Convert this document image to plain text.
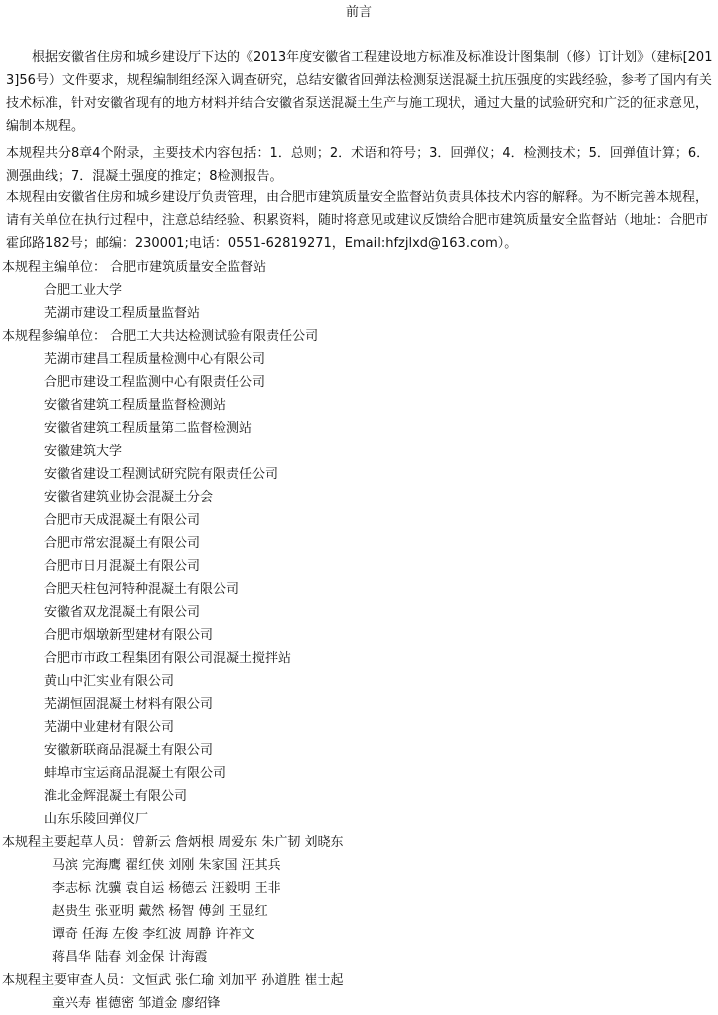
前言

根据安徽省住房和城乡建设厅下达的《2013年度安徽省工程建设地方标准及标准设计图集制（修）订计划》（建标[2013]56号）文件要求，规程编制组经深入调查研究，总结安徽省回弹法检测泵送混凝土抗压强度的实践经验，参考了国内有关技术标准，针对安徽省现有的地方材料并结合安徽省泵送混凝土生产与施工现状，通过大量的试验研究和广泛的征求意见，编制本规程。

本规程共分8章4个附录，主要技术内容包括：1．总则；2．术语和符号；3．回弹仪；4．检测技术；5．回弹值计算；6．测强曲线；7．混凝土强度的推定；8检测报告。

本规程由安徽省住房和城乡建设厅负责管理，由合肥市建筑质量安全监督站负责具体技术内容的解释。为不断完善本规程，请有关单位在执行过程中，注意总结经验、积累资料，随时将意见或建议反馈给合肥市建筑质量安全监督站（地址：合肥市霍邱路182号；邮编：230001;电话：0551-62819271，Email:hfzjlxd@163.com）。

本规程主编单位： 合肥市建筑质量安全监督站
合肥工业大学
芜湖市建设工程质量监督站
本规程参编单位： 合肥工大共达检测试验有限责任公司
芜湖市建昌工程质量检测中心有限公司
合肥市建设工程监测中心有限责任公司
安徽省建筑工程质量监督检测站
安徽省建筑工程质量第二监督检测站
安徽建筑大学
安徽省建设工程测试研究院有限责任公司
安徽省建筑业协会混凝土分会
合肥市天成混凝土有限公司
合肥市常宏混凝土有限公司
合肥市日月混凝土有限公司
合肥天柱包河特种混凝土有限公司
安徽省双龙混凝土有限公司
合肥市烟墩新型建材有限公司
合肥市市政工程集团有限公司混凝土搅拌站
黄山中汇实业有限公司
芜湖恒固混凝土材料有限公司
芜湖中业建材有限公司
安徽新联商品混凝土有限公司
蚌埠市宝运商品混凝土有限公司
淮北金辉混凝土有限公司
山东乐陵回弹仪厂
本规程主要起草人员：曾新云 詹炳根 周爱东 朱广韧 刘晓东
马滨 完海鹰 翟红侠 刘刚 朱家国 汪其兵
李志标 沈骥 袁自运 杨德云 汪毅明 王非
赵贵生 张亚明 戴然 杨智 傅剑 王显红
谭奇 任海 左俊 李红波 周静 许祚文
蒋昌华 陆春 刘金保 计海霞
本规程主要审查人员：文恒武 张仁瑜 刘加平 孙道胜 崔士起
童兴寿 崔德密 邹道金 廖绍锋
